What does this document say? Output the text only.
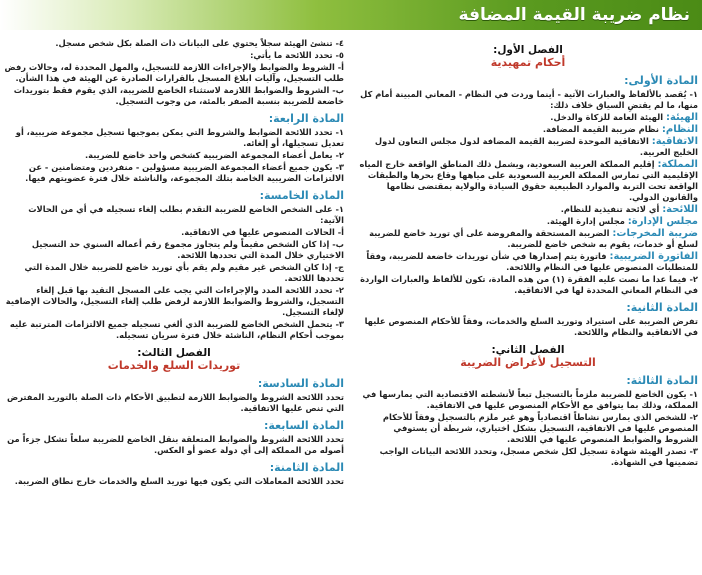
نظام ضريبة القيمة المضافة
الفصل الأول:
أحكام تمهيدية
المادة الأولى:

١- يُقصد بالألفاظ والعبارات الآتية - أينما وردت في النظام - المعاني المبينة أمام كل منها، ما لم يقتضِ السياق خلاف ذلك:

الهيئة: الهيئة العامة للزكاة والدخل.

النظام: نظام ضريبة القيمة المضافة.

الاتفاقية: الاتفاقية الموحدة لضريبة القيمة المضافة لدول مجلس التعاون لدول الخليج العربية.

المملكة: إقليم المملكة العربية السعودية، ويشمل ذلك المناطق الواقعة خارج المياه الإقليمية التي تمارس المملكة العربية السعودية على مياهها وقاع بحرها والطبقات الواقعة تحت التربة والموارد الطبيعية حقوق السيادة والولاية بمقتضى نظامها والقانون الدولي.

اللائحة: أي لائحة تنفيذية للنظام.

مجلس الإدارة: مجلس إدارة الهيئة.

ضريبة المخرجات: الضريبة المستحقة والمفروضة على أي توريد خاضع للضريبة لسلع أو خدمات، يقوم به شخص خاضع للضريبة.

الفاتورة الضريبية: فاتورة يتم إصدارها في شأن توريدات خاضعة للضريبة، وفقاً للمتطلبات المنصوص عليها في النظام واللائحة.

٢- فيما عدا ما نصت عليه الفقرة (١) من هذه المادة، تكون للألفاظ والعبارات الواردة في النظام المعاني المحددة لها في الاتفاقية.

المادة الثانية:

تفرض الضريبة على استيراد وتوريد السلع والخدمات، وفقاً للأحكام المنصوص عليها في الاتفاقية والنظام واللائحة.

الفصل الثاني:
التسجيل لأغراض الضريبة
المادة الثالثة:

١- يكون الخاضع للضريبة ملزماً بالتسجيل تبعاً لأنشطته الاقتصادية التي يمارسها في المملكة، وذلك بما يتوافق مع الأحكام المنصوص عليها في الاتفاقية.

٢- للشخص الذي يمارس نشاطاً اقتصادياً وهو غير ملزم بالتسجيل وفقاً للأحكام المنصوص عليها في الاتفاقية، التسجيل بشكل اختياري، شريطة أن يستوفي الشروط والضوابط المنصوص عليها في اللائحة.

٣- تصدر الهيئة شهادة تسجيل لكل شخص مسجل، وتحدد اللائحة البيانات الواجب تضمينها في الشهادة.

٤- تنشئ الهيئة سجلاً يحتوي على البيانات ذات الصلة بكل شخص مسجل.

٥- تحدد اللائحة ما يأتي:

أ- الشروط والضوابط والإجراءات اللازمة للتسجيل، والمهل المحددة له، وحالات رفض طلب التسجيل، وآليات ابلاغ المسجل بالقرارات الصادرة عن الهيئة في هذا الشأن.

ب- الشروط والضوابط اللازمة لاستثناء الخاضع للضريبة، الذي يقوم فقط بتوريدات خاضعة للضريبة بنسبة الصفر بالمئة، من وجوب التسجيل.

المادة الرابعة:

١- تحدد اللائحة الضوابط والشروط التي يمكن بموجبها تسجيل مجموعة ضريبية، أو تعديل تسجيلها، أو إلغائه.

٢- يعامل أعضاء المجموعة الضريبية كشخص واحد خاضع للضريبة.

٣- يكون جميع أعضاء المجموعة الضريبية مسؤولين - منفردين ومتضامنين - عن الالتزامات الضريبية الخاصة بتلك المجموعة، والناشئة خلال فترة عضويتهم فيها.

المادة الخامسة:

١- على الشخص الخاضع للضريبة التقدم بطلب إلغاء تسجيله في أي من الحالات الآتية:

أ- الحالات المنصوص عليها في الاتفاقية.

ب- إذا كان الشخص مقيماً ولم يتجاوز مجموع رقم أعماله السنوي حد التسجيل الاختياري خلال المدة التي تحددها اللائحة.

ج- إذا كان الشخص غير مقيم ولم يقم بأي توريد خاضع للضريبة خلال المدة التي تحددها اللائحة.

٢- تحدد اللائحة المدد والإجراءات التي يجب على المسجل التقيد بها قبل إلغاء التسجيل، والشروط والضوابط اللازمة لرفض طلب إلغاء التسجيل، والحالات الإضافية لإلغاء التسجيل.

٣- يتحمل الشخص الخاضع للضريبة الذي ألغي تسجيله جميع الالتزامات المترتبة عليه بموجب أحكام النظام، الناشئة خلال فترة سريان تسجيله.

الفصل الثالث:
توريدات السلع والخدمات
المادة السادسة:

تحدد اللائحة الشروط والضوابط اللازمة لتطبيق الأحكام ذات الصلة بالتوريد المفترض التي تنص عليها الاتفاقية.

المادة السابعة:

تحدد اللائحة الشروط والضوابط المتعلقة بنقل الخاضع للضريبة سلعاً تشكل جزءاً من أصوله من المملكة إلى أي دولة عضو أو العكس.

المادة الثامنة:

تحدد اللائحة المعاملات التي يكون فيها توريد السلع والخدمات خارج نطاق الضريبة.
